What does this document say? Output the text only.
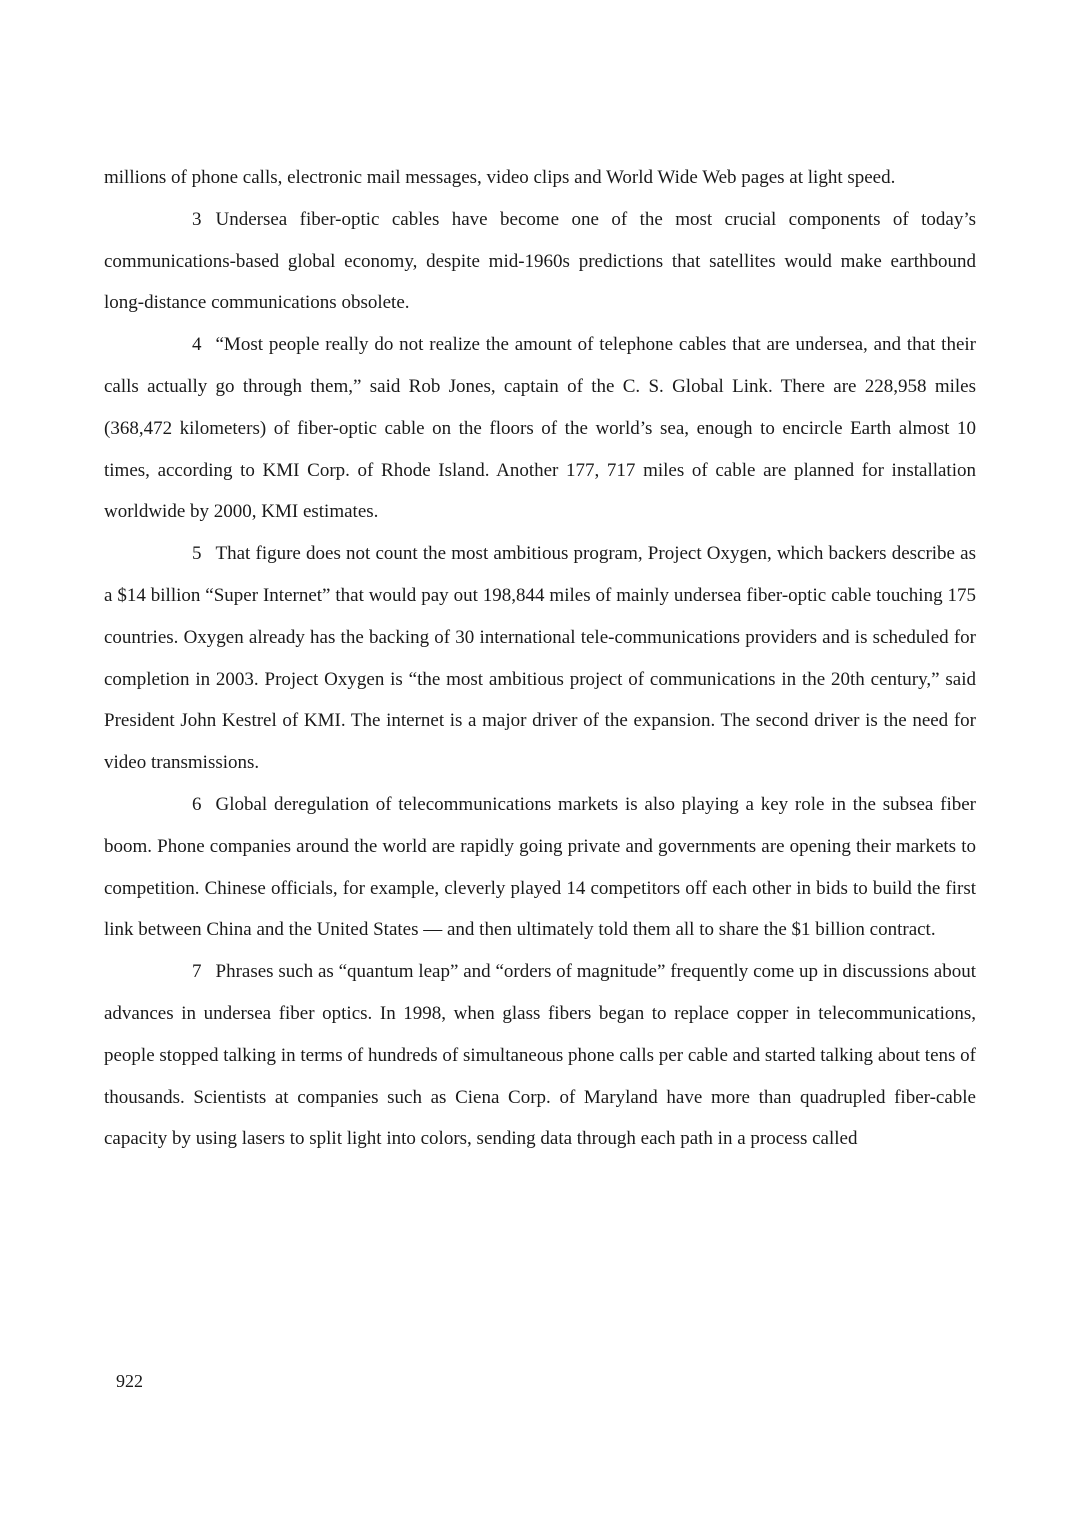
millions of phone calls, electronic mail messages, video clips and World Wide Web pages at light speed.

3 Undersea fiber-optic cables have become one of the most crucial components of today’s communications-based global economy, despite mid-1960s predictions that satellites would make earthbound long-distance communications obsolete.

4 “Most people really do not realize the amount of telephone cables that are undersea, and that their calls actually go through them,” said Rob Jones, captain of the C. S. Global Link. There are 228,958 miles (368,472 kilometers) of fiber-optic cable on the floors of the world’s sea, enough to encircle Earth almost 10 times, according to KMI Corp. of Rhode Island. Another 177, 717 miles of cable are planned for installation worldwide by 2000, KMI estimates.

5 That figure does not count the most ambitious program, Project Oxygen, which backers describe as a $14 billion “Super Internet” that would pay out 198,844 miles of mainly undersea fiber-optic cable touching 175 countries. Oxygen already has the backing of 30 international tele-communications providers and is scheduled for completion in 2003. Project Oxygen is “the most ambitious project of communications in the 20th century,” said President John Kestrel of KMI. The internet is a major driver of the expansion. The second driver is the need for video transmissions.

6 Global deregulation of telecommunications markets is also playing a key role in the subsea fiber boom. Phone companies around the world are rapidly going private and governments are opening their markets to competition. Chinese officials, for example, cleverly played 14 competitors off each other in bids to build the first link between China and the United States — and then ultimately told them all to share the $1 billion contract.

7 Phrases such as “quantum leap” and “orders of magnitude” frequently come up in discussions about advances in undersea fiber optics. In 1998, when glass fibers began to replace copper in telecommunications, people stopped talking in terms of hundreds of simultaneous phone calls per cable and started talking about tens of thousands. Scientists at companies such as Ciena Corp. of Maryland have more than quadrupled fiber-cable capacity by using lasers to split light into colors, sending data through each path in a process called

922
